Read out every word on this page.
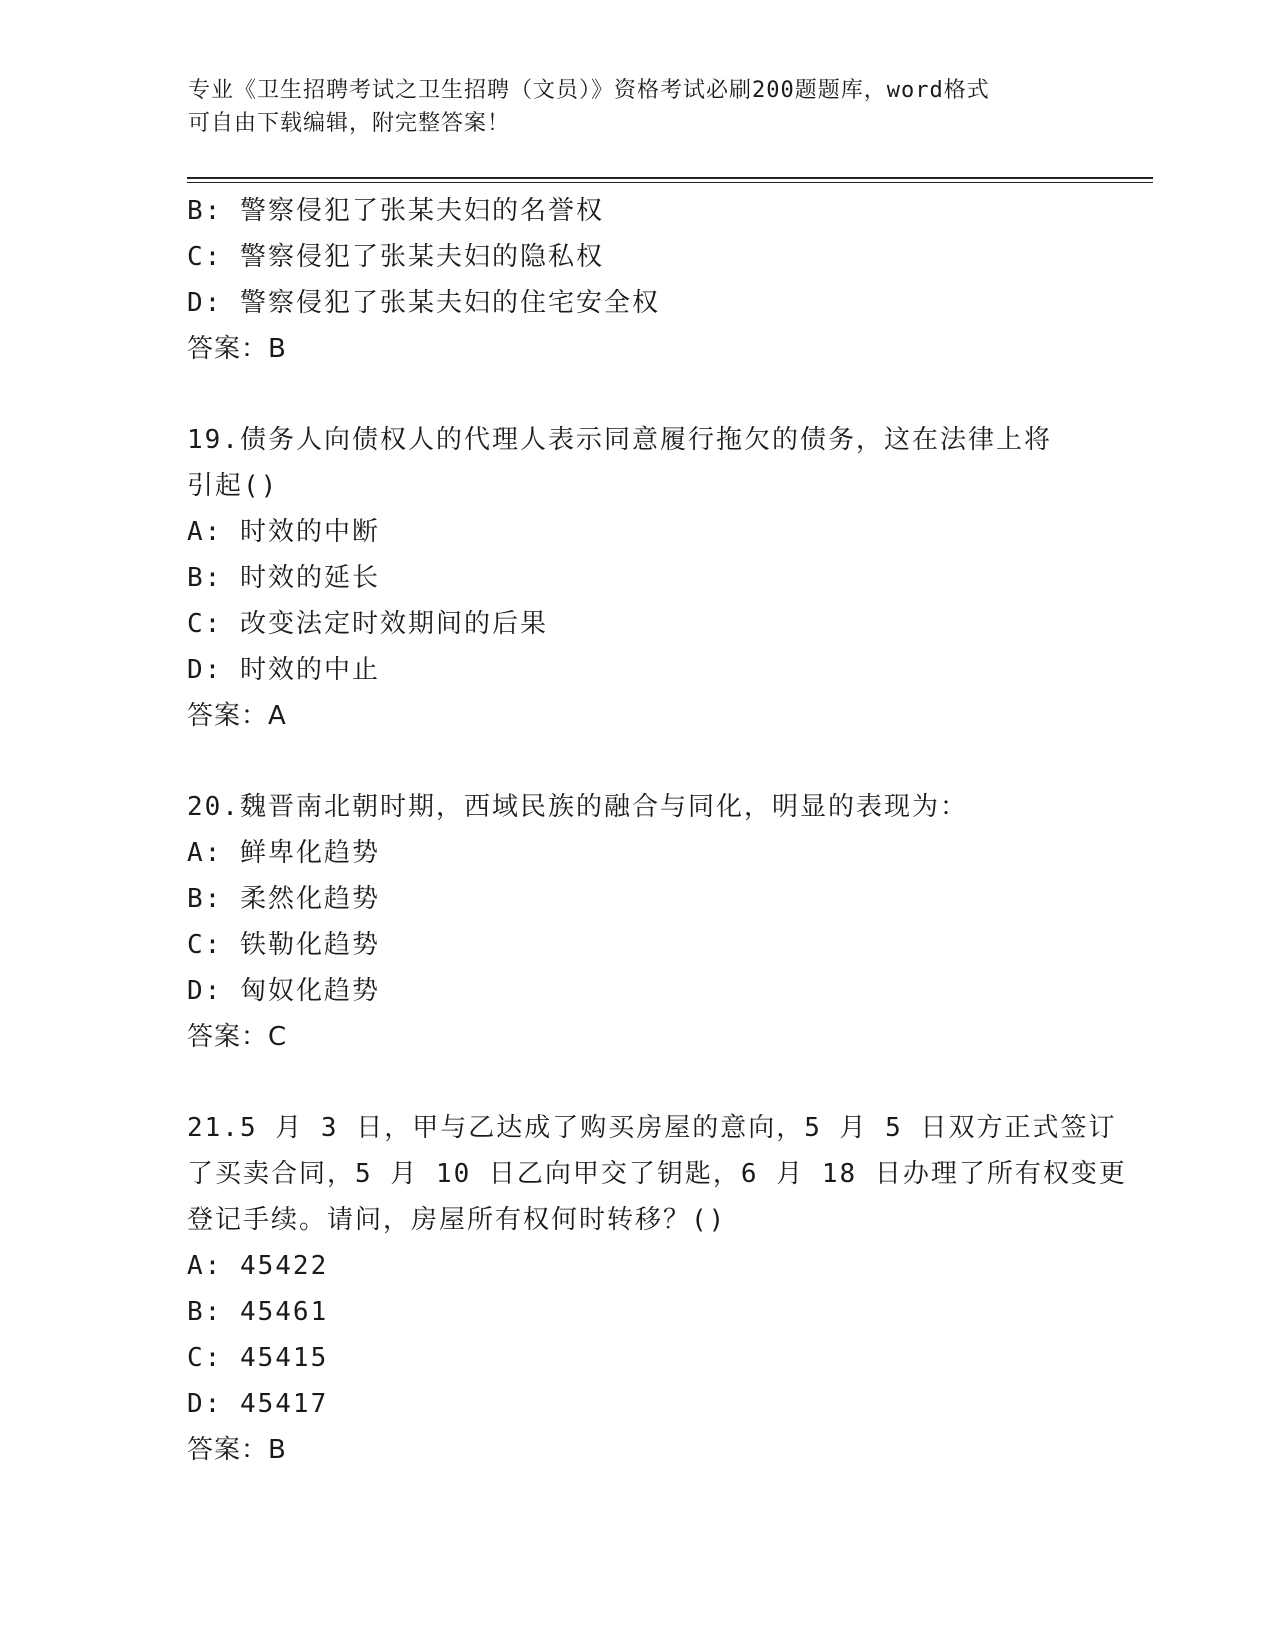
专业《卫生招聘考试之卫生招聘（文员）》资格考试必刷200题题库，word格式
可自由下载编辑，附完整答案！
B: 警察侵犯了张某夫妇的名誉权
C: 警察侵犯了张某夫妇的隐私权
D: 警察侵犯了张某夫妇的住宅安全权
答案：B
19.债务人向债权人的代理人表示同意履行拖欠的债务，这在法律上将
引起()
A: 时效的中断
B: 时效的延长
C: 改变法定时效期间的后果
D: 时效的中止
答案：A
20.魏晋南北朝时期，西域民族的融合与同化，明显的表现为：
A: 鲜卑化趋势
B: 柔然化趋势
C: 铁勒化趋势
D: 匈奴化趋势
答案：C
21.5 月 3 日，甲与乙达成了购买房屋的意向，5 月 5 日双方正式签订
了买卖合同，5 月 10 日乙向甲交了钥匙，6 月 18 日办理了所有权变更
登记手续。请问，房屋所有权何时转移？()
A: 45422
B: 45461
C: 45415
D: 45417
答案：B
